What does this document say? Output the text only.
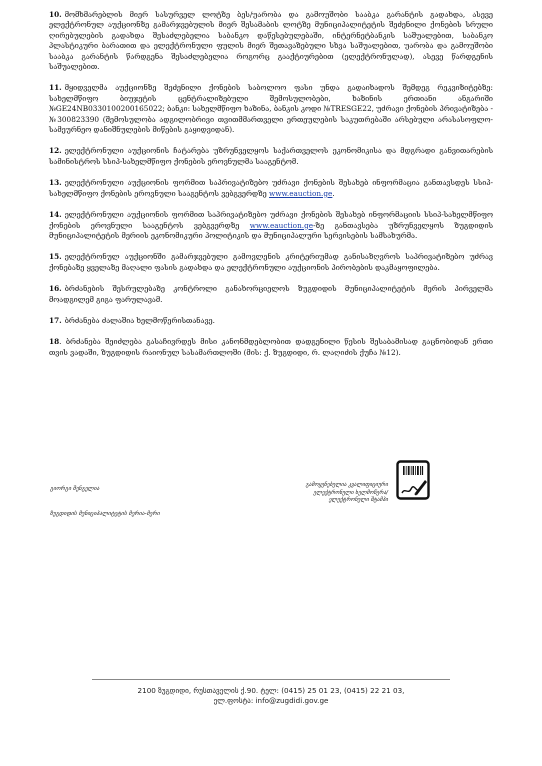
10. მომხმარებლის მიერ სასურველ ლოტზე ბეს/უარობა და გამოუშობი სააბკა გარანტის გადახდა, ასევე ელექტრონულ აუქციონზე გამარჯვებულის მიერ შესამაბის ლოტზე მუნიციპალიტეტის შეძენილი ქონების სრული ღირებულების გადახდა შესაძლებელია საბანკო დაწესებულებაში, ინტერნეტბანკის საშუალებით, საბანკო პლასტიკური ბარათით და ელექტრონული ფულის მიერ შეთავაზებული სხვა საშუალებით, უარობა და გამოუშობი სააბკა გარანტის წარდგენა შესაძლებელია როგორც გააქტიურებით (ელექტრონულად), ასევე წარდგენის საშუალებით.

11. მყიდველმა აუქციონზე შეძენილი ქონების საბოლოო ფასი უნდა გადაიხადოს შემდეგ რეკვიზიტებზე: სახელმწიფო ბიუჯეტის ცენტრალიზებული შემოსულობები, ხაზინის ერთიანი ანგარიში №GE24NB0330100200165022; ბანკი: სახელმწიფო ხაზინა, ბანკის კოდი №TRESGE22, უძრავი ქონების პრივატიზება - №300823390 (შემოსულობა ადგილობრივი თვითმმართველი ერთეულების საკუთრებაში არსებული არასასოფლო-სამეურნეო დანიშნულების მიწების გაყიდვიდან).

12. ელექტრონული აუქციონის ჩატარება უზრუნველყოს საქართველოს ეკონომიკისა და მდგრადი განვითარების სამინისტროს სსიპ-სახელმწიფო ქონების ეროვნულმა სააგენტომ.

13. ელექტრონული აუქციონის ფორმით საპრივატიზებო უძრავი ქონების შესახებ ინფორმაცია განთავსდეს სსიპ-სახელმწიფო ქონების ეროვნული სააგენტოს ვებგვერდზე www.eauction.ge.

14. ელექტრონული აუქციონის ფორმით საპრივატიზებო უძრავი ქონების შესახებ ინფორმაციის სსიპ-სახელმწიფო ქონების ეროვნული სააგენტოს ვებგვერდზე www.eauction.ge-ზე განთავსება უზრუნველყოს ზუგდიდის მუნიციპალიტეტის მერიის ეკონომიკური პოლიტიკის და მუნიციპალური სერვისების სამსახურმა.

15. ელექტრონულ აუქციონში გამარჯვებული გამოვლენის კრიტერიუმად განისაზღვროს საპრივატიზებო უძრავ ქონებაზე ყველაზე მაღალი ფასის გადახდა და ელექტრონული აუქციონის პირობების დაკმაყოფილება.

16. ბრძანების შესრულებაზე კონტროლი განახორციელოს ზუგდიდის მუნიციპალიტეტის მერის პირველმა მოადგილემ გიგა ფარულავამ.

17. ბრძანება ძალაშია ხელმოწერისთანავე.

18. ბრძანება შეიძლება გასაჩივრდეს მისი კანონმდებლობით დადგენილი წესის შესაბამისად გაცნობიდან ერთი თვის ვადაში, ზუგდიდის რაიონულ სასამართლოში (მის: ქ. ზუგდიდი, რ. ლაღიძის ქუჩა №12).

გიორგი შენგელია
ზუგდიდის მუნიციპალიტეტის მერია-მერი
გამოყენებულია კვალიფიციური ელექტრონული ხელმოწერა/ ელექტრონული შტამპი
2100 ზუგდიდი, რუსთაველის ქ.90. ტელ: (0415) 25 01 23, (0415) 22 21 03,
ელ.ფოსტა: info@zugdidi.gov.ge
